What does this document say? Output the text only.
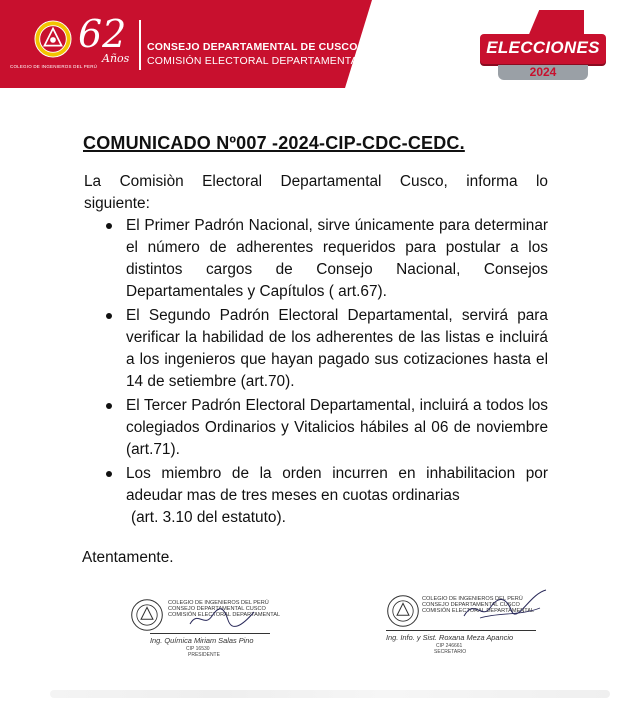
COLEGIO DE INGENIEROS DEL PERÚ
62
Años
CONSEJO DEPARTAMENTAL DE CUSCO
COMISIÓN ELECTORAL DEPARTAMENTAL
ELECCIONES
2024
COMUNICADO Nº007 -2024-CIP-CDC-CEDC.
La Comisiòn Electoral Departamental Cusco, informa lo
siguiente:
El Primer Padrón Nacional, sirve únicamente para determinar el número de adherentes requeridos para postular a los distintos cargos de Consejo Nacional, Consejos Departamentales y Capítulos ( art.67).
El Segundo Padrón Electoral Departamental, servirá para verificar la habilidad de los adherentes de las listas e incluirá a los ingenieros que hayan pagado sus cotizaciones hasta el 14 de setiembre (art.70).
El Tercer Padrón Electoral Departamental, incluirá a todos los colegiados Ordinarios y Vitalicios hábiles al 06 de noviembre (art.71).
Los miembro de la orden incurren en inhabilitacion por adeudar mas de tres meses en cuotas ordinarias
(art. 3.10 del estatuto).
Atentamente.
COLEGIO DE INGENIEROS DEL PERÚ
CONSEJO DEPARTAMENTAL CUSCO
COMISIÓN ELECTORAL DEPARTAMENTAL
Ing. Química Miriam Salas Pino
CIP 16530
PRESIDENTE
COLEGIO DE INGENIEROS DEL PERÚ
CONSEJO DEPARTAMENTAL CUSCO
COMISIÓN ELECTORAL DEPARTAMENTAL
Ing. Info. y Sist. Roxana Meza Apancio
CIP 246661
SECRETARIO
